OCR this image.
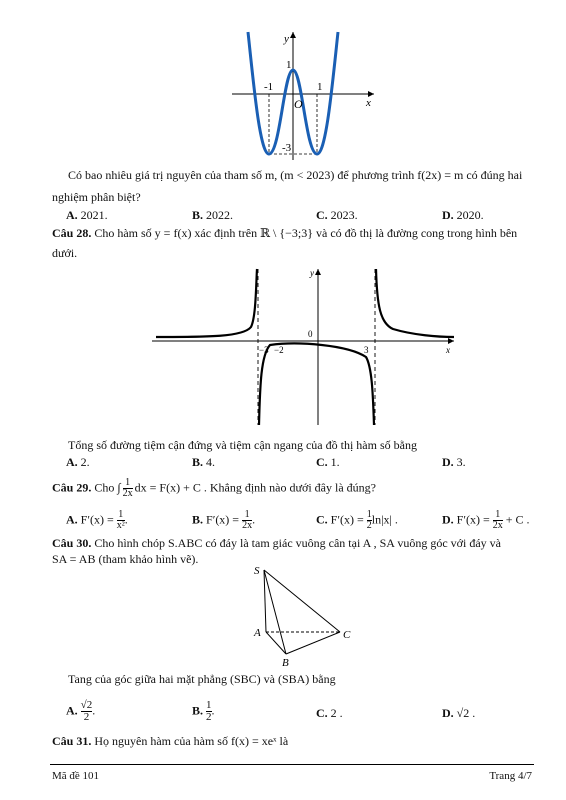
y
x
O
1
-1	1
-3
Có bao nhiêu giá trị nguyên của tham số m, (m < 2023) để phương trình f(2x) = m có đúng hai
nghiệm phân biệt?
A. 2021.	B. 2022.	C. 2023.	D. 2020.
Câu 28. Cho hàm số y = f(x) xác định trên ℝ \ {−3;3} và có đồ thị là đường cong trong hình bên
dưới.
y
x
0
−3 −2	3
Tổng số đường tiệm cận đứng và tiệm cận ngang của đồ thị hàm số bằng
A. 2.	B. 4.	C. 1.	D. 3.
Câu 29. Cho ∫ $\frac{1}{2x}$ dx = F(x) + C . Khẳng định nào dưới đây là đúng?
A. $F'(x) = \frac{1}{\text{x²}}$ .	B. $F'(x) = \frac{1}{2x}$ .	C. $F'(x) = \frac{1}{2} \ln|x|$ .	D. $F'(x) = \frac{1}{2x} + C$ .
Câu 30. Cho hình chóp S.ABC có đáy là tam giác vuông cân tại A , SA vuông góc với đáy và
SA = AB (tham khảo hình vẽ).
S
A
B
C
Tang của góc giữa hai mặt phẳng (SBC) và (SBA) bằng
A. $\frac{√2}{2}$ .	B. $\frac{1}{2}$ .	C. 2 .	D. √2 .
Câu 31. Họ nguyên hàm của hàm số f(x) = xeˣ là
Mã đề 101	Trang 4/7
